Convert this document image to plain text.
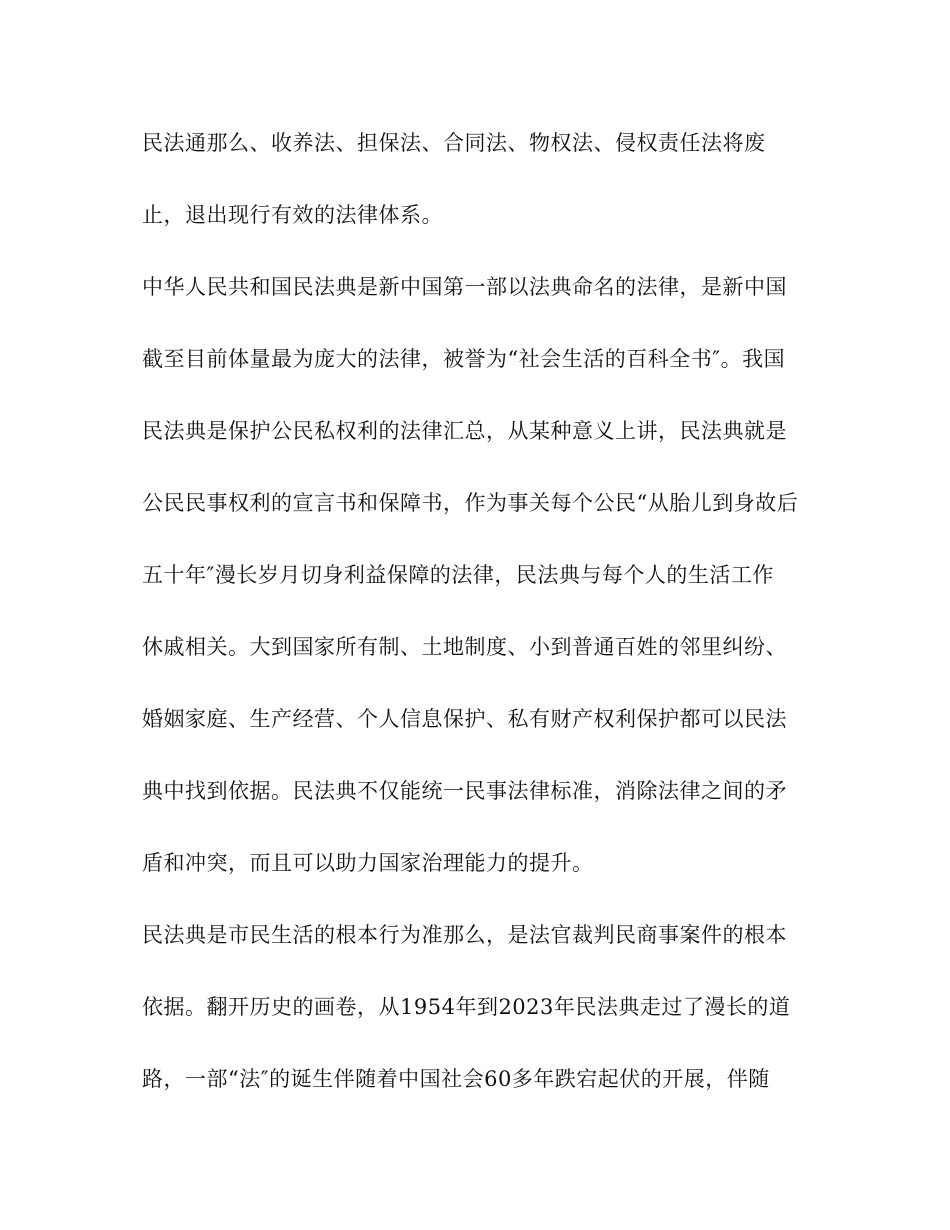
民法通那么、收养法、担保法、合同法、物权法、侵权责任法将废
止，退出现行有效的法律体系。
中华人民共和国民法典是新中国第一部以法典命名的法律，是新中国
截至目前体量最为庞大的法律，被誉为“社会生活的百科全书″。我国
民法典是保护公民私权利的法律汇总，从某种意义上讲，民法典就是
公民民事权利的宣言书和保障书，作为事关每个公民“从胎儿到身故后
五十年″漫长岁月切身利益保障的法律，民法典与每个人的生活工作
休戚相关。大到国家所有制、土地制度、小到普通百姓的邻里纠纷、
婚姻家庭、生产经营、个人信息保护、私有财产权利保护都可以民法
典中找到依据。民法典不仅能统一民事法律标准，消除法律之间的矛
盾和冲突，而且可以助力国家治理能力的提升。
民法典是市民生活的根本行为准那么，是法官裁判民商事案件的根本
依据。翻开历史的画卷，从1954年到2023年民法典走过了漫长的道
路，一部“法″的诞生伴随着中国社会60多年跌宕起伏的开展，伴随
